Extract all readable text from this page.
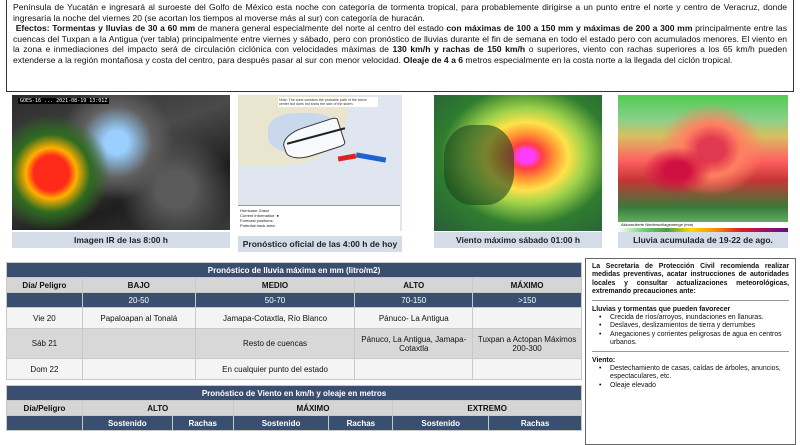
Península de Yucatán e ingresará al suroeste del Golfo de México esta noche con categoría de tormenta tropical, para probablemente dirigirse a un punto entre el norte y centro de Veracruz, donde ingresaría la noche del viernes 20 (se acortan los tiempos al moverse más al sur) con categoría de huracán.

Efectos: Tormentas y lluvias de 30 a 60 mm de manera general especialmente del norte al centro del estado con máximas de 100 a 150 mm y máximas de 200 a 300 mm principalmente entre las cuencas del Tuxpan a la Antigua (ver tabla) principalmente entre viernes y sábado, pero con pronóstico de lluvias durante el fin de semana en todo el estado pero con acumulados menores. El viento en la zona e inmediaciones del impacto será de circulación ciclónica con velocidades máximas de 130 km/h y rachas de 150 km/h o superiores, viento con rachas superiores a los 65 km/h pueden extenderse a la región montañosa y costa del centro, para después pasar al sur con menor velocidad. Oleaje de 4 a 6 metros especialmente en la costa norte a la llegada del ciclón tropical.

GOES-16 ... 2021-08-19 13:01Z
Imagen IR de las 8:00 h
Note: The cone contains the probable path of the storm center but does not show the size of the storm.
Hurricane Grace
Current information: ●
Forecast positions:
Potential track area:
Pronóstico oficial de las 4:00 h de hoy	Viento máximo sábado 01:00 h
Akkumulierte Niederschlagsmenge (mm)
Lluvia acumulada de 19-22 de ago.
Pronóstico de lluvia máxima en mm (litro/m2)				
Día/ Peligro	BAJO	MEDIO	ALTO	MÁXIMO
	20-50	50-70	70-150	>150
Vie 20	Papaloapan al Tonalá	Jamapa-Cotaxtla, Río Blanco	Pánuco- La Antigua	
Sáb 21		Resto de cuencas	Pánuco, La Antigua, Jamapa-Cotaxtla	Tuxpan a Actopan Máximos 200-300
Dom 22		En cualquier punto del estado		
Pronóstico de Viento en km/h y oleaje en metros						
Día/Peligro	ALTO		MÁXIMO		EXTREMO	
	Sostenido	Rachas	Sostenido	Rachas	Sostenido	Rachas

La Secretaría de Protección Civil recomienda realizar medidas preventivas, acatar instrucciones de autoridades locales y consultar actualizaciones meteorológicas, extremando precauciones ante:

Lluvias y tormentas que pueden favorecer
• Crecida de ríos/arroyos, inundaciones en llanuras.
• Deslaves, deslizamientos de tierra y derrumbes
• Anegaciones y corrientes peligrosas de agua en centros urbanos.
Viento:
• Destechamiento de casas, caídas de árboles, anuncios, espectaculares, etc.
• Oleaje elevado
